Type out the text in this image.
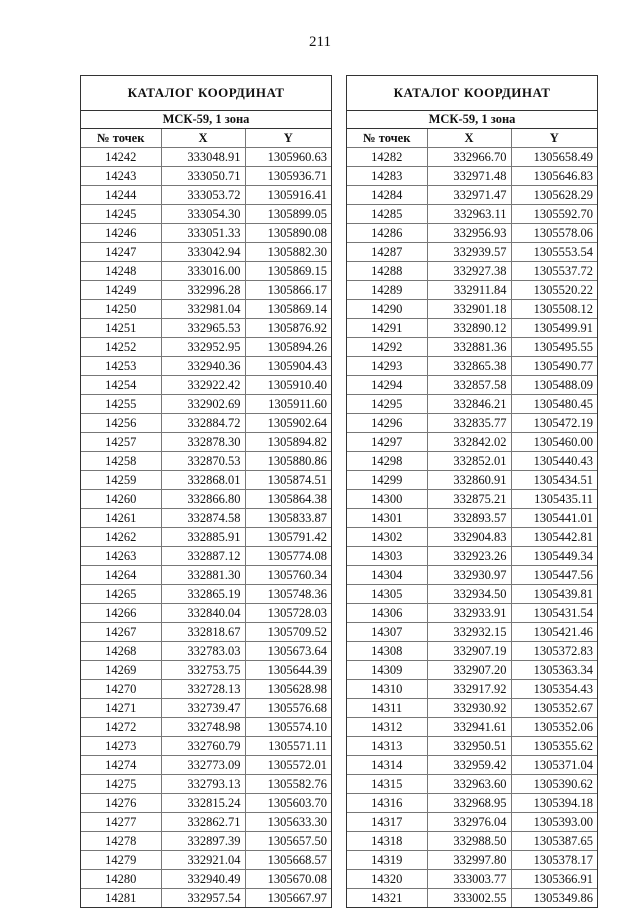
211
КАТАЛОГ КООРДИНАТ
МСК-59, 1 зона
№ точек	X	Y
14242	333048.91	1305960.63
14243	333050.71	1305936.71
14244	333053.72	1305916.41
14245	333054.30	1305899.05
14246	333051.33	1305890.08
14247	333042.94	1305882.30
14248	333016.00	1305869.15
14249	332996.28	1305866.17
14250	332981.04	1305869.14
14251	332965.53	1305876.92
14252	332952.95	1305894.26
14253	332940.36	1305904.43
14254	332922.42	1305910.40
14255	332902.69	1305911.60
14256	332884.72	1305902.64
14257	332878.30	1305894.82
14258	332870.53	1305880.86
14259	332868.01	1305874.51
14260	332866.80	1305864.38
14261	332874.58	1305833.87
14262	332885.91	1305791.42
14263	332887.12	1305774.08
14264	332881.30	1305760.34
14265	332865.19	1305748.36
14266	332840.04	1305728.03
14267	332818.67	1305709.52
14268	332783.03	1305673.64
14269	332753.75	1305644.39
14270	332728.13	1305628.98
14271	332739.47	1305576.68
14272	332748.98	1305574.10
14273	332760.79	1305571.11
14274	332773.09	1305572.01
14275	332793.13	1305582.76
14276	332815.24	1305603.70
14277	332862.71	1305633.30
14278	332897.39	1305657.50
14279	332921.04	1305668.57
14280	332940.49	1305670.08
14281	332957.54	1305667.97
КАТАЛОГ КООРДИНАТ
МСК-59, 1 зона
№ точек	X	Y
14282	332966.70	1305658.49
14283	332971.48	1305646.83
14284	332971.47	1305628.29
14285	332963.11	1305592.70
14286	332956.93	1305578.06
14287	332939.57	1305553.54
14288	332927.38	1305537.72
14289	332911.84	1305520.22
14290	332901.18	1305508.12
14291	332890.12	1305499.91
14292	332881.36	1305495.55
14293	332865.38	1305490.77
14294	332857.58	1305488.09
14295	332846.21	1305480.45
14296	332835.77	1305472.19
14297	332842.02	1305460.00
14298	332852.01	1305440.43
14299	332860.91	1305434.51
14300	332875.21	1305435.11
14301	332893.57	1305441.01
14302	332904.83	1305442.81
14303	332923.26	1305449.34
14304	332930.97	1305447.56
14305	332934.50	1305439.81
14306	332933.91	1305431.54
14307	332932.15	1305421.46
14308	332907.19	1305372.83
14309	332907.20	1305363.34
14310	332917.92	1305354.43
14311	332930.92	1305352.67
14312	332941.61	1305352.06
14313	332950.51	1305355.62
14314	332959.42	1305371.04
14315	332963.60	1305390.62
14316	332968.95	1305394.18
14317	332976.04	1305393.00
14318	332988.50	1305387.65
14319	332997.80	1305378.17
14320	333003.77	1305366.91
14321	333002.55	1305349.86
